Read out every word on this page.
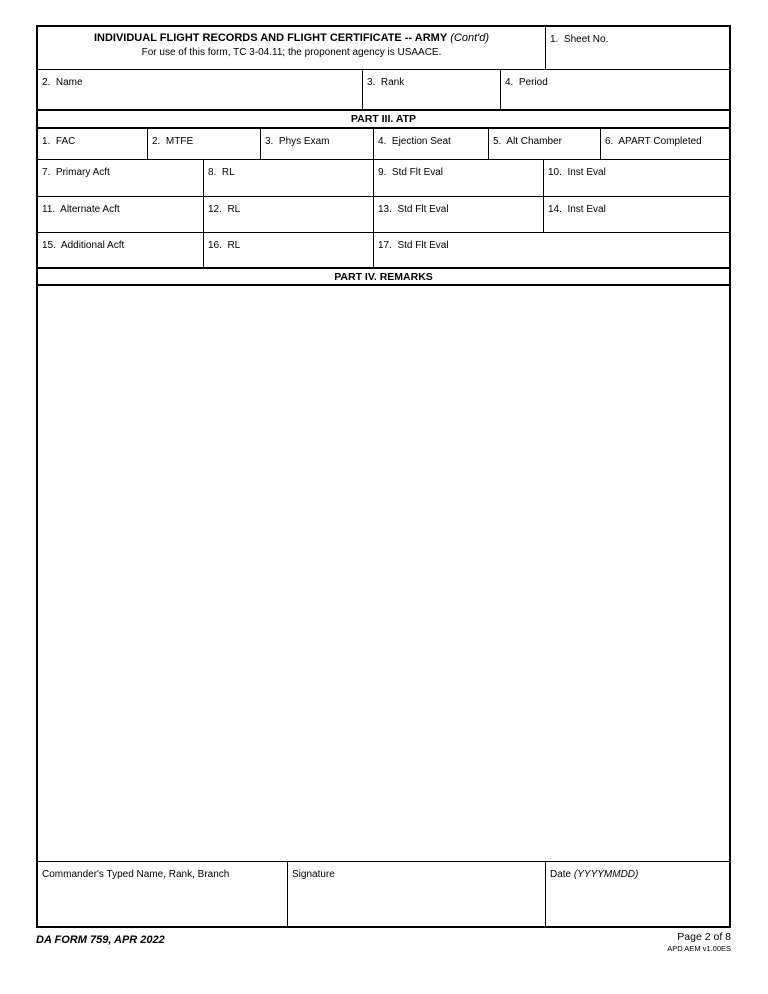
INDIVIDUAL FLIGHT RECORDS AND FLIGHT CERTIFICATE -- ARMY (Cont'd)
For use of this form, TC 3-04.11; the proponent agency is USAACE.
1.  Sheet No.
2.  Name	3.  Rank	4.  Period
PART III. ATP
1.  FAC	2.  MTFE	3.  Phys Exam	4.  Ejection Seat	5.  Alt Chamber	6.  APART Completed
7.  Primary Acft	8.  RL	9.  Std Flt Eval	10.  Inst Eval
11.  Alternate Acft	12.  RL	13.  Std Flt Eval	14.  Inst Eval
15.  Additional Acft	16.  RL	17.  Std Flt Eval
PART IV. REMARKS
Commander's Typed Name, Rank, Branch	Signature	Date (YYYYMMDD)
DA FORM 759, APR 2022	Page 2 of 8
APD AEM v1.00ES
